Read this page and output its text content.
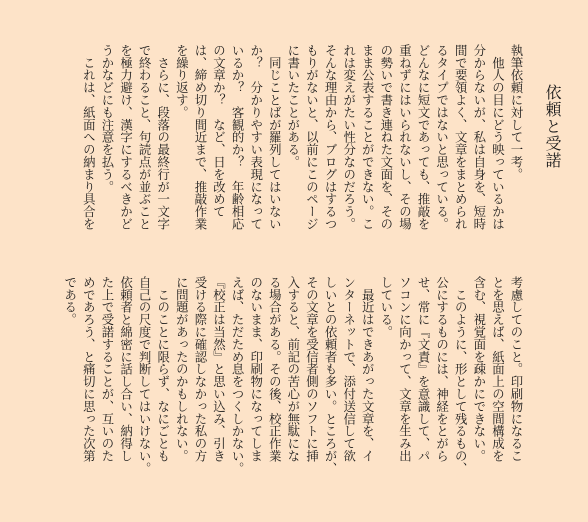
依頼と受諾
執筆依頼に対して一考。
　他人の目にどう映っているかは
分からないが、私は自身を、短時
間で要領よく、文章をまとめられ
るタイプではないと思っている。
どんなに短文であっても、推敲を
重ねずにはいられないし、その場
の勢いで書き連ねた文面を、その
まま公表することができない。こ
れは変えがたい性分なのだろう。
そんな理由から、ブログはするつ
もりがないと、以前にこのページ
に書いたことがある。
　同じことばが羅列してはいない
か？　分かりやすい表現になって
いるか？　客観的か？　年齢相応
の文章か？　など、日を改めて
は、締め切り間近まで、推敲作業
を繰り返す。
　さらに、段落の最終行が一文字
で終わること、句読点が並ぶこと
を極力避け、漢字にするべきかど
うかなどにも注意を払う。
　これは、紙面への納まり具合を
考慮してのこと。印刷物になるこ
とを思えば、紙面上の空間構成を
含む、視覚面を疎かにできない。
　このように、形として残るもの、
公にするものには、神経をとがら
せ、常に『文責』を意識して、パ
ソコンに向かって、文章を生み出
している。
　最近はできあがった文章を、イ
ンターネットで、添付送信して欲
しいとの依頼者も多い。ところが、
その文章を受信者側のソフトに挿
入すると、前記の苦心が無駄にな
る場合がある。その後、校正作業
のないまま、印刷物になってしま
えば、ただため息をつくしかない。
『校正は当然』と思い込み、引き
受ける際に確認しなかった私の方
に問題があったのかもしれない。
　このことに限らず、なにごとも
自己の尺度で判断してはいけない。
依頼者と綿密に話し合い、納得し
た上で受諾することが、互いのた
めであろう、と痛切に思った次第
である。
